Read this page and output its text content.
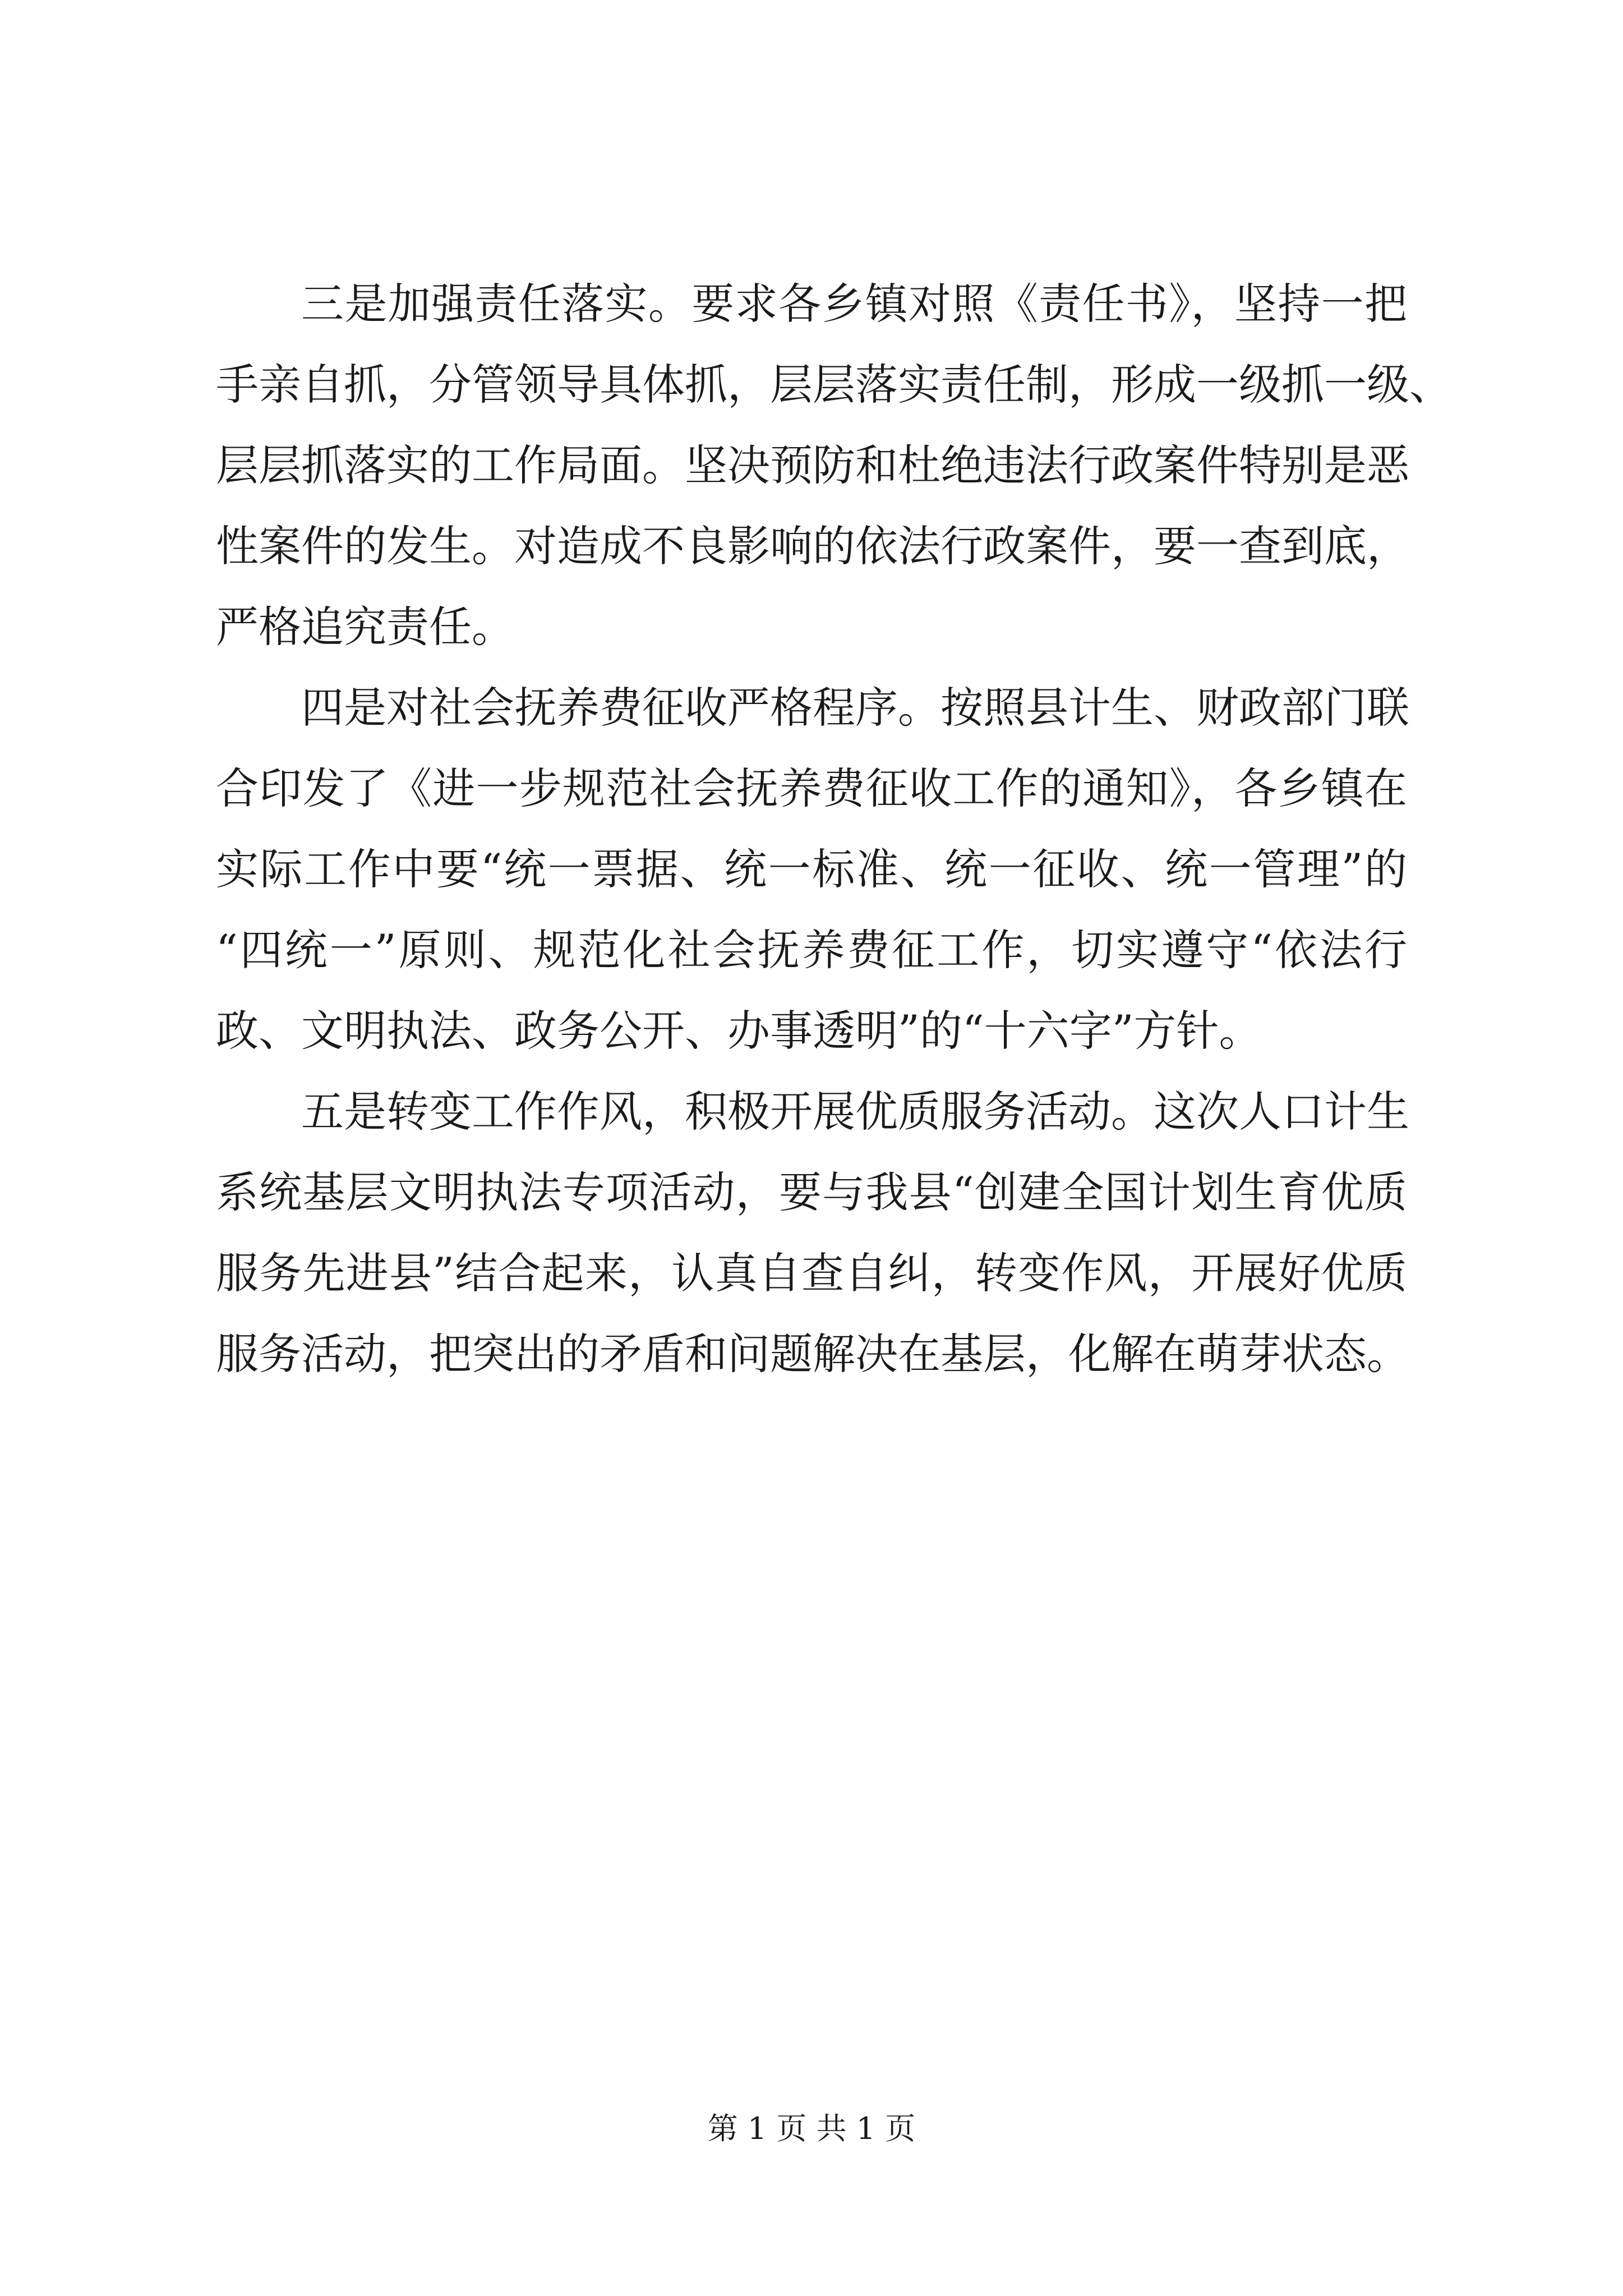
三是加强责任落实。要求各乡镇对照《责任书》，坚持一把
手亲自抓，分管领导具体抓，层层落实责任制，形成一级抓一级、
层层抓落实的工作局面。坚决预防和杜绝违法行政案件特别是恶
性案件的发生。对造成不良影响的依法行政案件，要一查到底，
严格追究责任。

四是对社会抚养费征收严格程序。按照县计生、财政部门联
合印发了《进一步规范社会抚养费征收工作的通知》，各乡镇在
实际工作中要“统一票据、统一标准、统一征收、统一管理”的
“四统一”原则、规范化社会抚养费征工作，切实遵守“依法行
政、文明执法、政务公开、办事透明”的“十六字”方针。

五是转变工作作风，积极开展优质服务活动。这次人口计生
系统基层文明执法专项活动，要与我县“创建全国计划生育优质
服务先进县”结合起来，认真自查自纠，转变作风，开展好优质
服务活动，把突出的矛盾和问题解决在基层，化解在萌芽状态。

第 1 页 共 1 页
